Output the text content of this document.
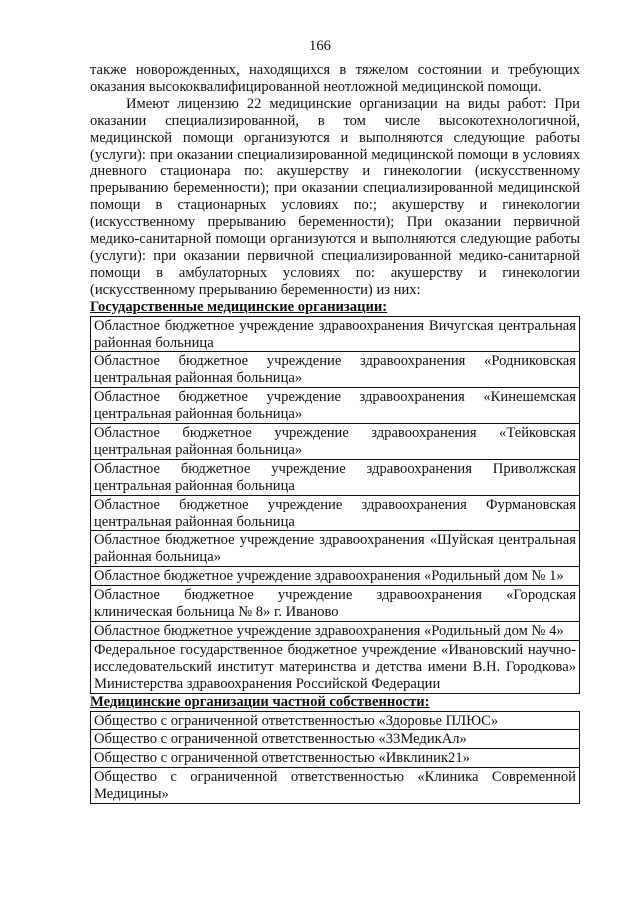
166

также новорожденных, находящихся в тяжелом состоянии и требующих оказания высококвалифицированной неотложной медицинской помощи.

Имеют лицензию 22 медицинские организации на виды работ: При оказании специализированной, в том числе высокотехнологичной, медицинской помощи организуются и выполняются следующие работы (услуги): при оказании специализированной медицинской помощи в условиях дневного стационара по: акушерству и гинекологии (искусственному прерыванию беременности); при оказании специализированной медицинской помощи в стационарных условиях по:; акушерству и гинекологии (искусственному прерыванию беременности); При оказании первичной медико-санитарной помощи организуются и выполняются следующие работы (услуги): при оказании первичной специализированной медико-санитарной помощи в амбулаторных условиях по: акушерству и гинекологии (искусственному прерыванию беременности) из них:

Государственные медицинские организации:

Областное бюджетное учреждение здравоохранения Вичугская центральная районная больница
Областное бюджетное учреждение здравоохранения «Родниковская центральная районная больница»
Областное бюджетное учреждение здравоохранения «Кинешемская центральная районная больница»
Областное бюджетное учреждение здравоохранения «Тейковская центральная районная больница»
Областное бюджетное учреждение здравоохранения Приволжская центральная районная больница
Областное бюджетное учреждение здравоохранения Фурмановская центральная районная больница
Областное бюджетное учреждение здравоохранения «Шуйская центральная районная больница»
Областное бюджетное учреждение здравоохранения «Родильный дом № 1»
Областное бюджетное учреждение здравоохранения «Городская клиническая больница № 8» г. Иваново
Областное бюджетное учреждение здравоохранения «Родильный дом № 4»
Федеральное государственное бюджетное учреждение «Ивановский научно-исследовательский институт материнства и детства имени В.Н. Городкова» Министерства здравоохранения Российской Федерации

Медицинские организации частной собственности:

Общество с ограниченной ответственностью «Здоровье ПЛЮС»
Общество с ограниченной ответственностью «33МедикАл»
Общество с ограниченной ответственностью «Ивклиник21»
Общество с ограниченной ответственностью «Клиника Современной Медицины»
